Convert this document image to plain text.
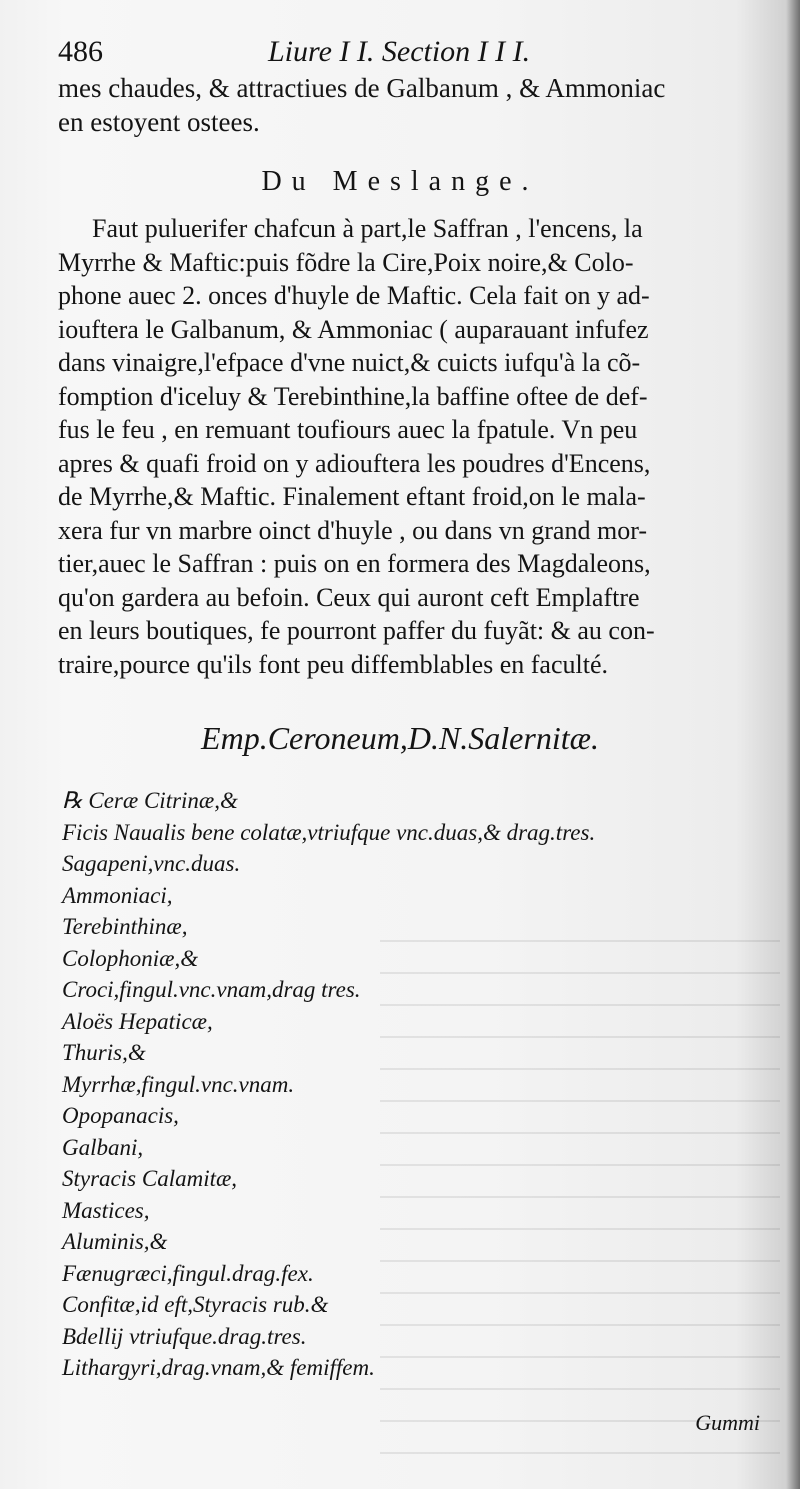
486	Liure I I. Section I I I.
mes chaudes, & attractiues de Galbanum , & Ammoniac
en estoyent ostees.
Du Meslange.
Faut puluerifer chafcun à part,le Saffran , l'encens, la
Myrrhe & Maftic:puis fõdre la Cire,Poix noire,& Colo-
phone auec 2. onces d'huyle de Maftic. Cela fait on y ad-
iouftera le Galbanum, & Ammoniac ( auparauant infufez
dans vinaigre,l'efpace d'vne nuict,& cuicts iufqu'à la cõ-
fomption d'iceluy & Terebinthine,la baffine oftee de def-
fus le feu , en remuant toufiours auec la fpatule. Vn peu
apres & quafi froid on y adiouftera les poudres d'Encens,
de Myrrhe,& Maftic. Finalement eftant froid,on le mala-
xera fur vn marbre oinct d'huyle , ou dans vn grand mor-
tier,auec le Saffran : puis on en formera des Magdaleons,
qu'on gardera au befoin. Ceux qui auront ceft Emplaftre
en leurs boutiques, fe pourront paffer du fuyãt: & au con-
traire,pource qu'ils font peu diffemblables en faculté.
Emp.Ceroneum,D.N.Salernitæ.
℞ Ceræ Citrinæ,&
Ficis Naualis bene colatæ,vtriufque vnc.duas,& drag.tres.
Sagapeni,vnc.duas.
Ammoniaci,
Terebinthinæ,
Colophoniæ,&
Croci,fingul.vnc.vnam,drag tres.
Aloës Hepaticæ,
Thuris,&
Myrrhæ,fingul.vnc.vnam.
Opopanacis,
Galbani,
Styracis Calamitæ,
Mastices,
Aluminis,&
Fænugræci,fingul.drag.fex.
Confitæ,id eft,Styracis rub.&
Bdellij vtriufque.drag.tres.
Lithargyri,drag.vnam,& femiffem.
Gummi
